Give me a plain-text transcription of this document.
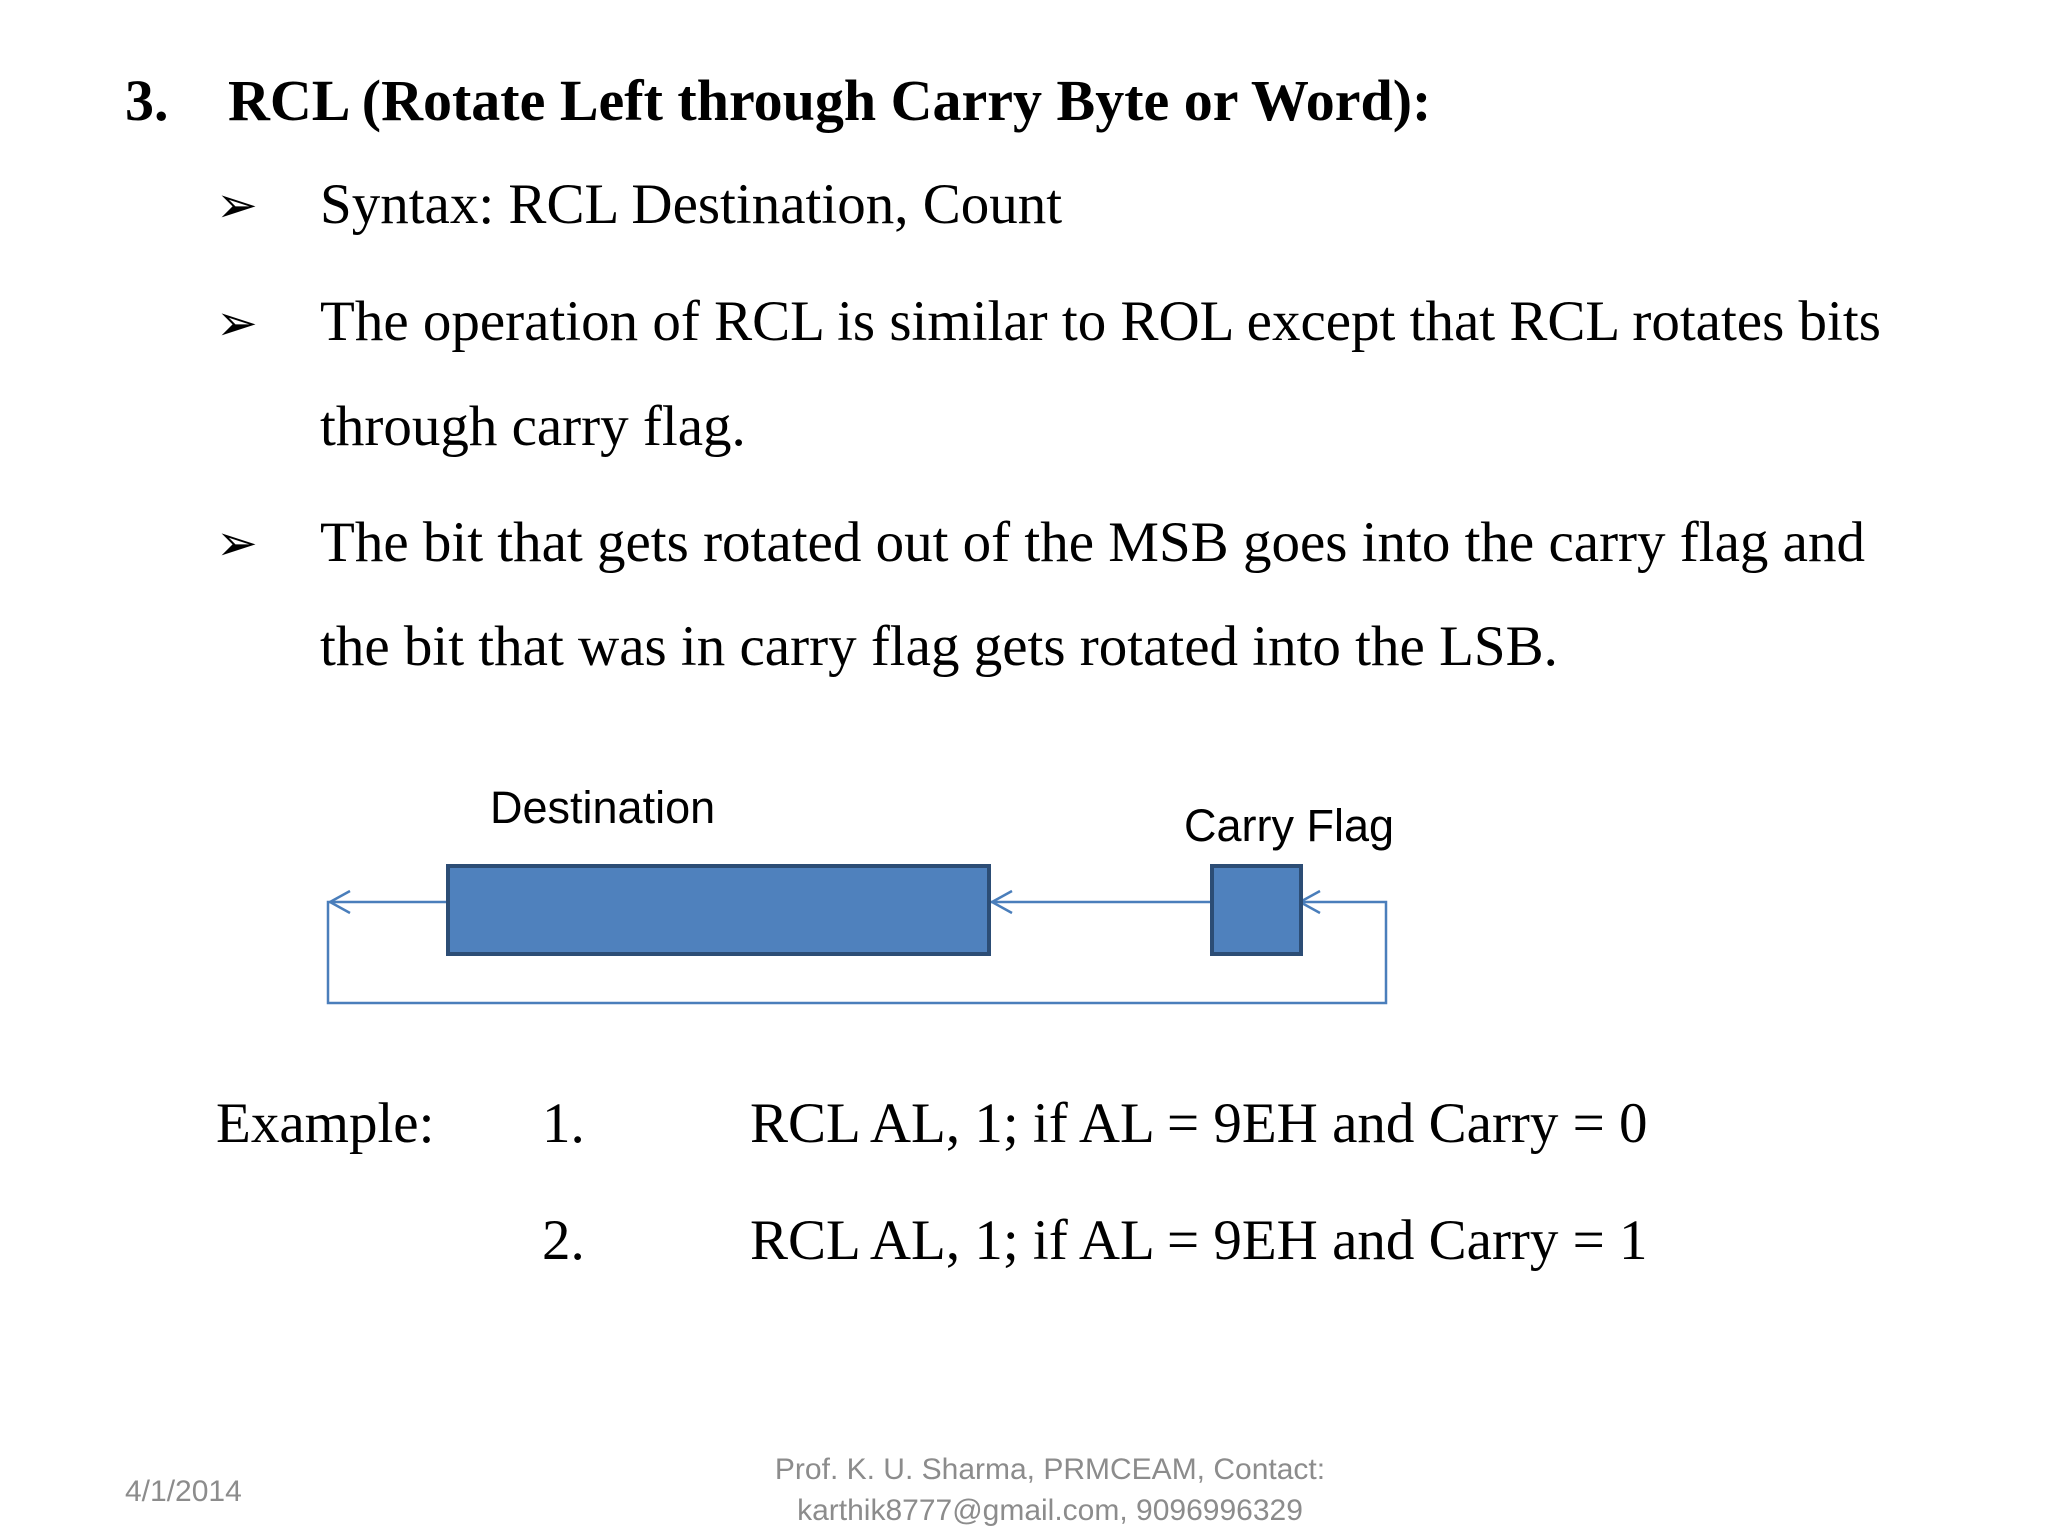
3. RCL (Rotate Left through Carry Byte or Word):
➢ Syntax: RCL Destination, Count
➢ The operation of RCL is similar to ROL except that RCL rotates bits
through carry flag.
➢ The bit that gets rotated out of the MSB goes into the carry flag and
the bit that was in carry flag gets rotated into the LSB.
Destination	Carry Flag
Example: 1.	RCL AL, 1; if AL = 9EH and Carry = 0
2.	RCL AL, 1; if AL = 9EH and Carry = 1
4/1/2014
Prof. K. U. Sharma, PRMCEAM, Contact:
karthik8777@gmail.com, 9096996329
